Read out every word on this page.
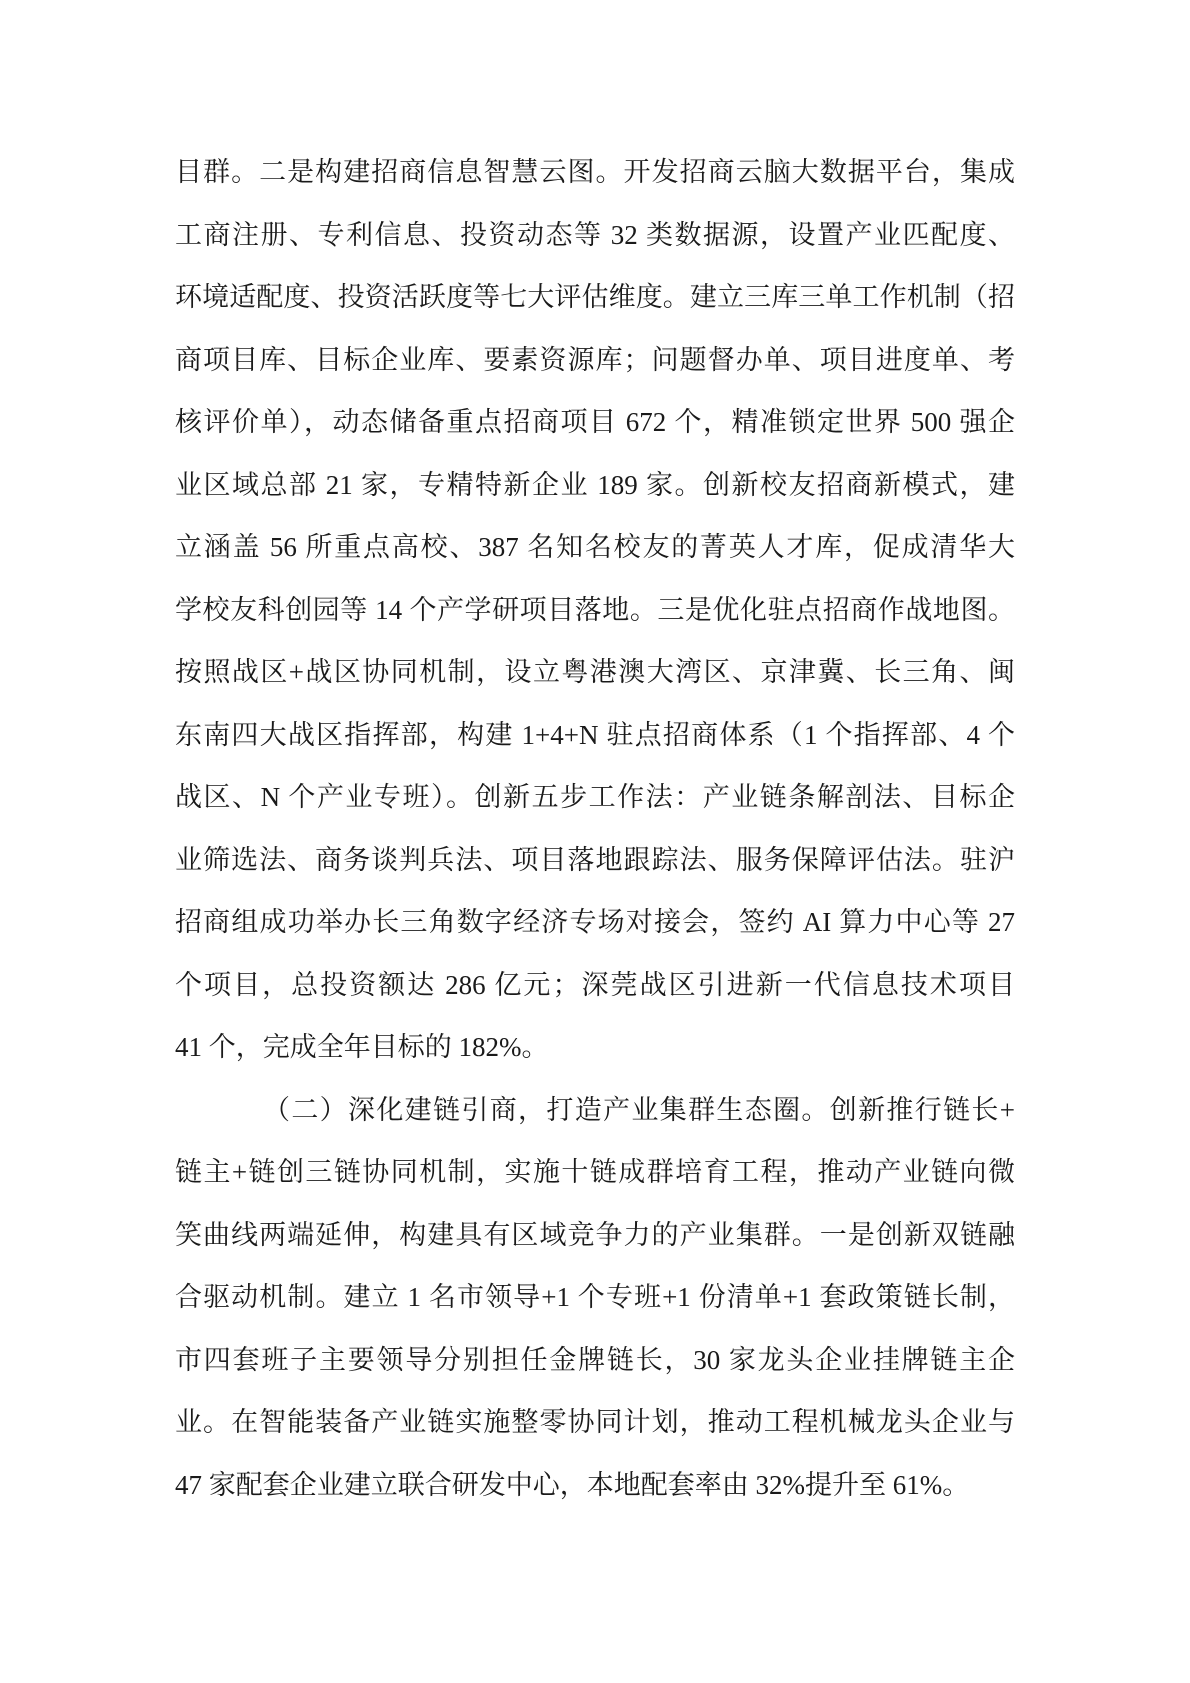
目群。二是构建招商信息智慧云图。开发招商云脑大数据平台，集成
工商注册、专利信息、投资动态等 32 类数据源，设置产业匹配度、
环境适配度、投资活跃度等七大评估维度。建立三库三单工作机制（招
商项目库、目标企业库、要素资源库；问题督办单、项目进度单、考
核评价单），动态储备重点招商项目 672 个，精准锁定世界 500 强企
业区域总部 21 家，专精特新企业 189 家。创新校友招商新模式，建
立涵盖 56 所重点高校、387 名知名校友的菁英人才库，促成清华大
学校友科创园等 14 个产学研项目落地。三是优化驻点招商作战地图。
按照战区+战区协同机制，设立粤港澳大湾区、京津冀、长三角、闽
东南四大战区指挥部，构建 1+4+N 驻点招商体系（1 个指挥部、4 个
战区、N 个产业专班）。创新五步工作法：产业链条解剖法、目标企
业筛选法、商务谈判兵法、项目落地跟踪法、服务保障评估法。驻沪
招商组成功举办长三角数字经济专场对接会，签约 AI 算力中心等 27
个项目，总投资额达 286 亿元；深莞战区引进新一代信息技术项目
41 个，完成全年目标的 182%。
（二）深化建链引商，打造产业集群生态圈。创新推行链长+
链主+链创三链协同机制，实施十链成群培育工程，推动产业链向微
笑曲线两端延伸，构建具有区域竞争力的产业集群。一是创新双链融
合驱动机制。建立 1 名市领导+1 个专班+1 份清单+1 套政策链长制，
市四套班子主要领导分别担任金牌链长，30 家龙头企业挂牌链主企
业。在智能装备产业链实施整零协同计划，推动工程机械龙头企业与
47 家配套企业建立联合研发中心，本地配套率由 32%提升至 61%。
